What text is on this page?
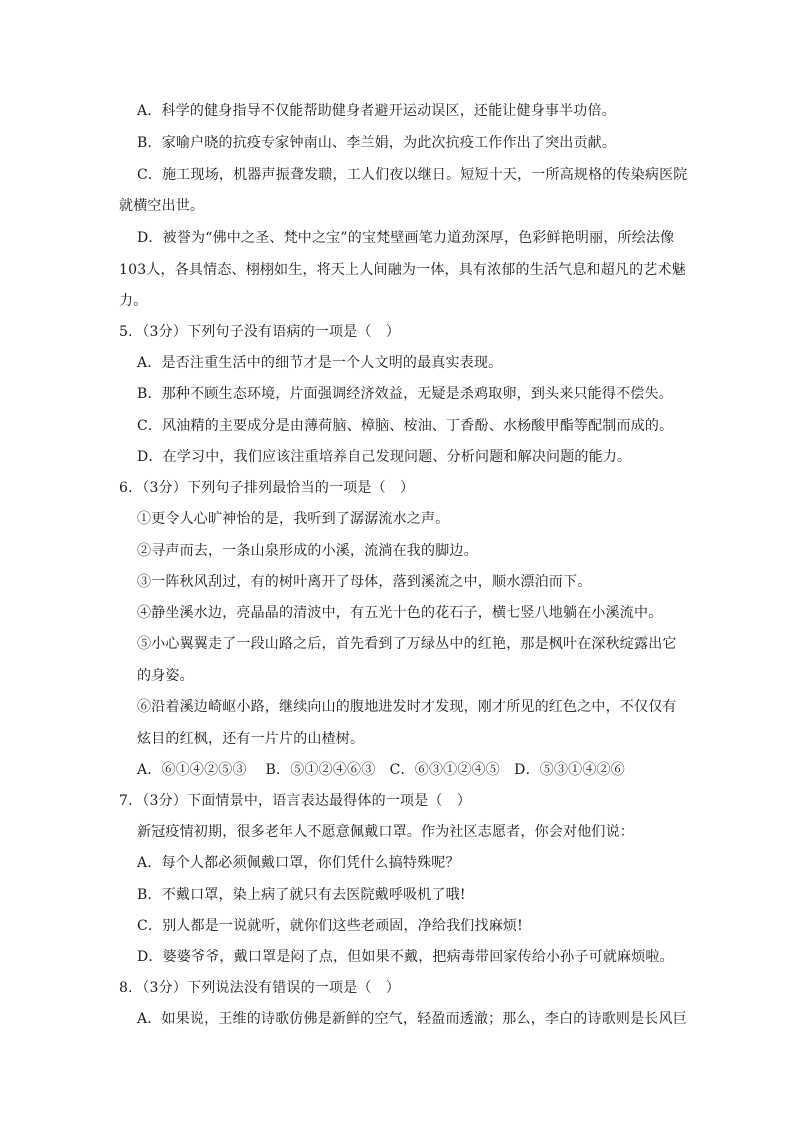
A．科学的健身指导不仅能帮助健身者避开运动误区，还能让健身事半功倍。
B．家喻户晓的抗疫专家钟南山、李兰娟，为此次抗疫工作作出了突出贡献。
C．施工现场，机器声振聋发聩，工人们夜以继日。短短十天，一所高规格的传染病医院
就横空出世。
D．被誉为“佛中之圣、梵中之宝”的宝梵壁画笔力道劲深厚，色彩鲜艳明丽，所绘法像
103人，各具情态、栩栩如生，将天上人间融为一体，具有浓郁的生活气息和超凡的艺术魅
力。
5．（3分）下列句子没有语病的一项是（　）
A．是否注重生活中的细节才是一个人文明的最真实表现。
B．那种不顾生态环境，片面强调经济效益，无疑是杀鸡取卵，到头来只能得不偿失。
C．风油精的主要成分是由薄荷脑、樟脑、桉油、丁香酚、水杨酸甲酯等配制而成的。
D．在学习中，我们应该注重培养自己发现问题、分析问题和解决问题的能力。
6．（3分）下列句子排列最恰当的一项是（　）
①更令人心旷神怡的是，我听到了潺潺流水之声。
②寻声而去，一条山泉形成的小溪，流淌在我的脚边。
③一阵秋风刮过，有的树叶离开了母体，落到溪流之中，顺水漂泊而下。
④静坐溪水边，亮晶晶的清波中，有五光十色的花石子，横七竖八地躺在小溪流中。
⑤小心翼翼走了一段山路之后，首先看到了万绿丛中的红艳，那是枫叶在深秋绽露出它
的身姿。
⑥沿着溪边崎岖小路，继续向山的腹地进发时才发现，刚才所见的红色之中，不仅仅有
炫目的红枫，还有一片片的山楂树。
A．⑥①④②⑤③　 B．⑤①②④⑥③　C．⑥③①②④⑤　D．⑤③①④②⑥
7．（3分）下面情景中，语言表达最得体的一项是（　）
新冠疫情初期，很多老年人不愿意佩戴口罩。作为社区志愿者，你会对他们说：
A．每个人都必须佩戴口罩，你们凭什么搞特殊呢？
B．不戴口罩，染上病了就只有去医院戴呼吸机了哦!
C．别人都是一说就听，就你们这些老顽固，净给我们找麻烦!
D．婆婆爷爷，戴口罩是闷了点，但如果不戴，把病毒带回家传给小孙子可就麻烦啦。
8．（3分）下列说法没有错误的一项是（　）
A．如果说，王维的诗歌仿佛是新鲜的空气，轻盈而透澈；那么，李白的诗歌则是长风巨
